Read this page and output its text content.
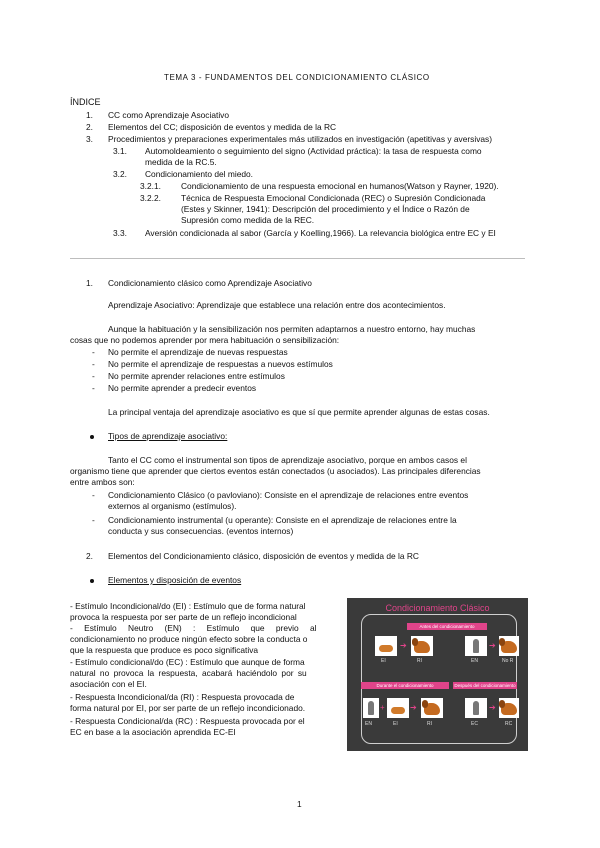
TEMA 3 - FUNDAMENTOS DEL CONDICIONAMIENTO CLÁSICO
ÍNDICE
1. CC como Aprendizaje Asociativo
2. Elementos del CC; disposición de eventos y medida de la RC
3. Procedimientos y preparaciones experimentales más utilizados en investigación (apetitivas y aversivas)
3.1. Automoldeamiento o seguimiento del signo (Actividad práctica): la tasa de respuesta como
medida de la RC.5.
3.2. Condicionamiento del miedo.
3.2.1. Condicionamiento de una respuesta emocional en humanos(Watson y Rayner, 1920).
3.2.2. Técnica de Respuesta Emocional Condicionada (REC) o Supresión Condicionada
(Estes y Skinner, 1941): Descripción del procedimiento y el Índice o Razón de
Supresión como medida de la REC.
3.3. Aversión condicionada al sabor (García y Koelling,1966). La relevancia biológica entre EC y EI
1. Condicionamiento clásico como Aprendizaje Asociativo
Aprendizaje Asociativo: Aprendizaje que establece una relación entre dos acontecimientos.
Aunque la habituación y la sensibilización nos permiten adaptarnos a nuestro entorno, hay muchas
cosas que no podemos aprender por mera habituación o sensibilización:
- No permite el aprendizaje de nuevas respuestas
- No permite el aprendizaje de respuestas a nuevos estímulos
- No permite aprender relaciones entre estímulos
- No permite aprender a predecir eventos
La principal ventaja del aprendizaje asociativo es que sí que permite aprender algunas de estas cosas.
Tipos de aprendizaje asociativo:
Tanto el CC como el instrumental son tipos de aprendizaje asociativo, porque en ambos casos el
organismo tiene que aprender que ciertos eventos están conectados (u asociados). Las principales diferencias
entre ambos son:
- Condicionamiento Clásico (o pavloviano): Consiste en el aprendizaje de relaciones entre eventos
externos al organismo (estímulos).
- Condicionamiento instrumental (u operante): Consiste en el aprendizaje de relaciones entre la
conducta y sus consecuencias. (eventos internos)
2. Elementos del Condicionamiento clásico, disposición de eventos y medida de la RC
Elementos y disposición de eventos
- Estímulo Incondicional/do (EI) : Estímulo que de forma natural
provoca la respuesta por ser parte de un reflejo incondicional
- Estímulo Neutro (EN) : Estímulo que previo al
condicionamiento no produce ningún efecto sobre la conducta o
que la respuesta que produce es poco significativa
- Estímulo condicional/do (EC) : Estímulo que aunque de forma
natural no provoca la respuesta, acabará haciéndolo por su
asociación con el EI.
- Respuesta Incondicional/da (RI) : Respuesta provocada de
forma natural por EI, por ser parte de un reflejo incondicionado.
- Respuesta Condicional/da (RC) : Respuesta provocada por el
EC en base a la asociación aprendida EC-EI
Condicionamiento Clásico
Antes del condicionamiento
➔	➔
EI	RI	EN	No R
Durante el condicionamiento	Después del condicionamiento
+	➔	➔
EN	EI	RI	EC	RC
1
